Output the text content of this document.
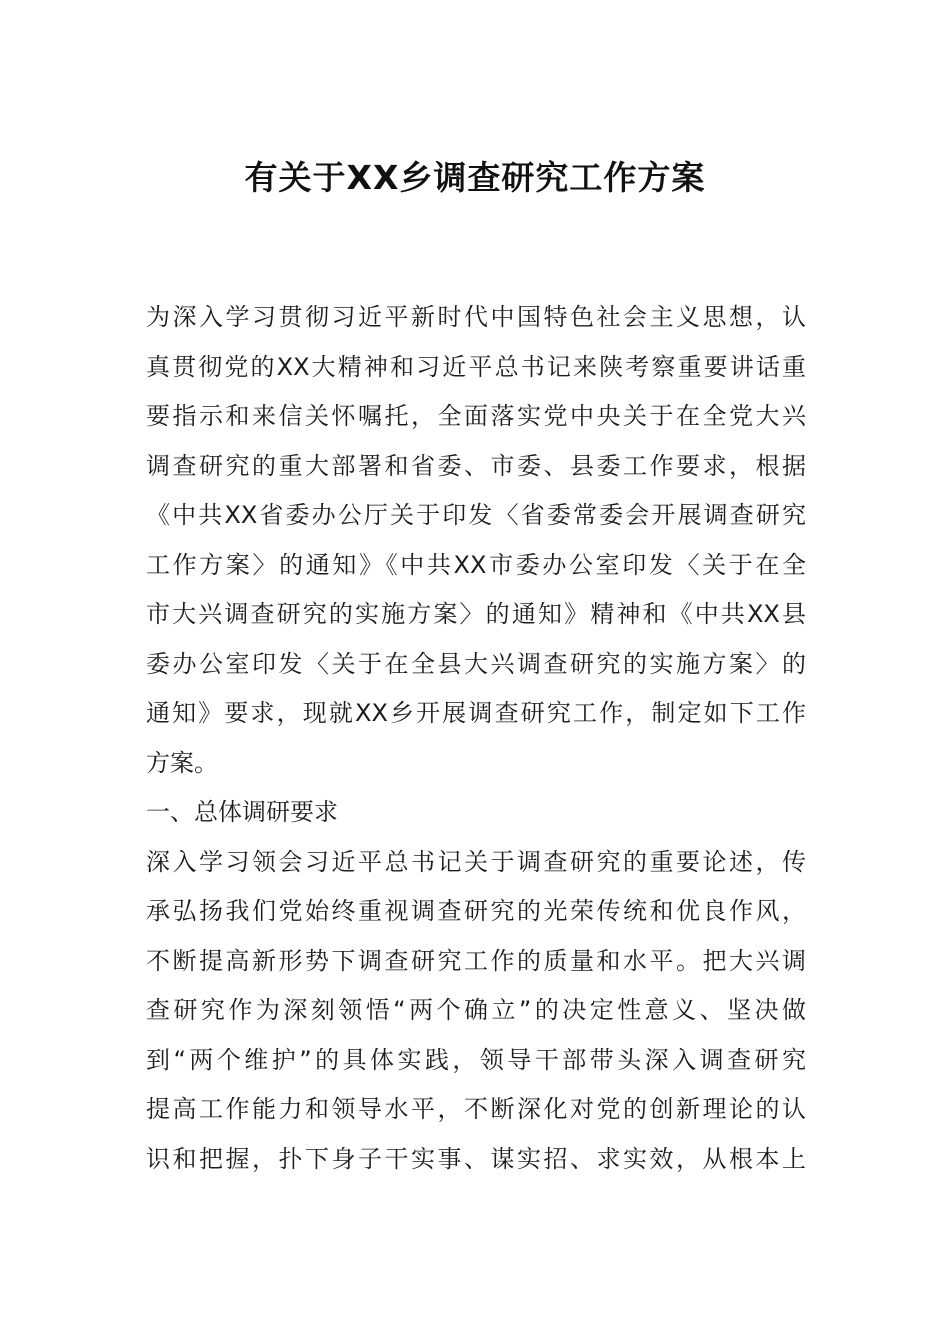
有关于XX乡调查研究工作方案
为深入学习贯彻习近平新时代中国特色社会主义思想，认
真贯彻党的XX大精神和习近平总书记来陕考察重要讲话重
要指示和来信关怀嘱托，全面落实党中央关于在全党大兴
调查研究的重大部署和省委、市委、县委工作要求，根据
《中共XX省委办公厅关于印发〈省委常委会开展调查研究
工作方案〉的通知》《中共XX市委办公室印发〈关于在全
市大兴调查研究的实施方案〉的通知》精神和《中共XX县
委办公室印发〈关于在全县大兴调查研究的实施方案〉的
通知》要求，现就XX乡开展调查研究工作，制定如下工作
方案。
一、总体调研要求
深入学习领会习近平总书记关于调查研究的重要论述，传
承弘扬我们党始终重视调查研究的光荣传统和优良作风，
不断提高新形势下调查研究工作的质量和水平。把大兴调
查研究作为深刻领悟“两个确立”的决定性意义、坚决做
到“两个维护”的具体实践，领导干部带头深入调查研究
提高工作能力和领导水平，不断深化对党的创新理论的认
识和把握，扑下身子干实事、谋实招、求实效，从根本上
